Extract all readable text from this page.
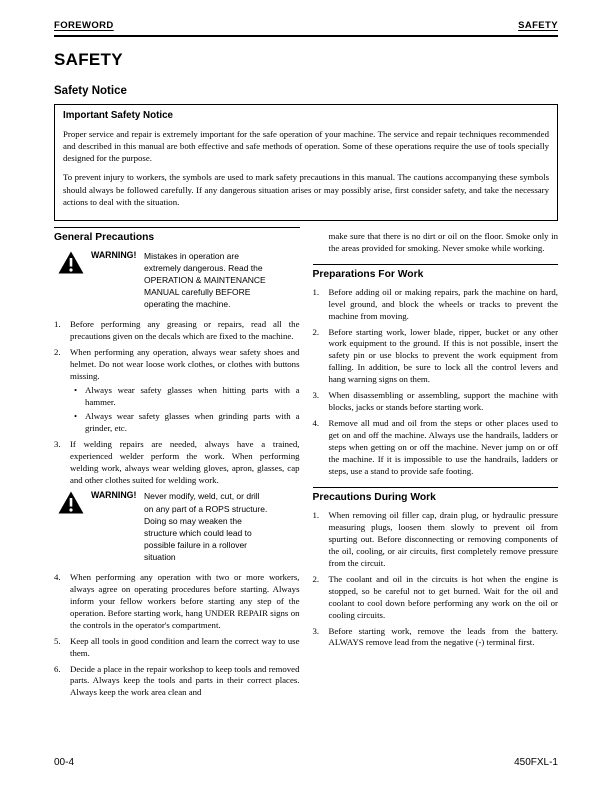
FOREWORD	SAFETY
SAFETY
Safety Notice
Important Safety Notice

Proper service and repair is extremely important for the safe operation of your machine. The service and repair techniques recommended and described in this manual are both effective and safe methods of operation. Some of these operations require the use of tools specially designed for the purpose.

To prevent injury to workers, the symbols are used to mark safety precautions in this manual. The cautions accompanying these symbols should always be followed carefully. If any dangerous situation arises or may possibly arise, first consider safety, and take the necessary actions to deal with the situation.

General Precautions
WARNING! Mistakes in operation are extremely dangerous. Read the OPERATION & MAINTENANCE MANUAL carefully BEFORE operating the machine.
1.	Before performing any greasing or repairs, read all the precautions given on the decals which are fixed to the machine.
2.	When performing any operation, always wear safety shoes and helmet. Do not wear loose work clothes, or clothes with buttons missing.
• Always wear safety glasses when hitting parts with a hammer.
• Always wear safety glasses when grinding parts with a grinder, etc.
3.	If welding repairs are needed, always have a trained, experienced welder perform the work. When performing welding work, always wear welding gloves, apron, glasses, cap and other clothes suited for welding work.
WARNING! Never modify, weld, cut, or drill on any part of a ROPS structure. Doing so may weaken the structure which could lead to possible failure in a rollover situation
4.	When performing any operation with two or more workers, always agree on operating procedures before starting. Always inform your fellow workers before starting any step of the operation. Before starting work, hang UNDER REPAIR signs on the controls in the operator's compartment.
5.	Keep all tools in good condition and learn the correct way to use them.
6.	Decide a place in the repair workshop to keep tools and removed parts. Always keep the tools and parts in their correct places. Always keep the work area clean and

make sure that there is no dirt or oil on the floor. Smoke only in the areas provided for smoking. Never smoke while working.

Preparations For Work
1.	Before adding oil or making repairs, park the machine on hard, level ground, and block the wheels or tracks to prevent the machine from moving.
2.	Before starting work, lower blade, ripper, bucket or any other work equipment to the ground. If this is not possible, insert the safety pin or use blocks to prevent the work equipment from falling. In addition, be sure to lock all the control levers and hang warning signs on them.
3.	When disassembling or assembling, support the machine with blocks, jacks or stands before starting work.
4.	Remove all mud and oil from the steps or other places used to get on and off the machine. Always use the handrails, ladders or steps when getting on or off the machine. Never jump on or off the machine. If it is impossible to use the handrails, ladders or steps, use a stand to provide safe footing.
Precautions During Work
1.	When removing oil filler cap, drain plug, or hydraulic pressure measuring plugs, loosen them slowly to prevent oil from spurting out. Before disconnecting or removing components of the oil, cooling, or air circuits, first completely remove pressure from the circuit.
2.	The coolant and oil in the circuits is hot when the engine is stopped, so be careful not to get burned. Wait for the oil and coolant to cool down before performing any work on the oil or cooling circuits.
3.	Before starting work, remove the leads from the battery. ALWAYS remove lead from the negative (-) terminal first.
00-4	450FXL-1
